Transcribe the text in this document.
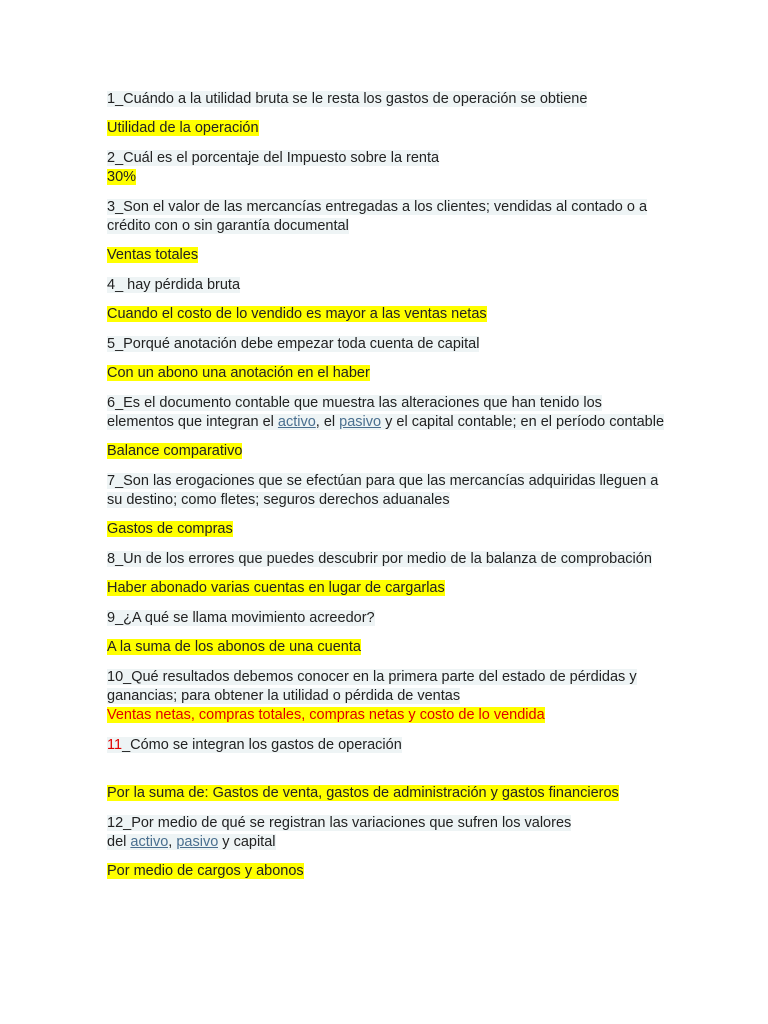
1_Cuándo a la utilidad bruta se le resta los gastos de operación se obtiene

Utilidad de la operación

2_Cuál es el porcentaje del Impuesto sobre la renta

30%

3_Son el valor de las mercancías entregadas a los clientes; vendidas al contado o a
crédito con o sin garantía documental

Ventas totales

4_ hay pérdida bruta

Cuando el costo de lo vendido es mayor a las ventas netas

5_Porqué anotación debe empezar toda cuenta de capital

Con un abono una anotación en el haber

6_Es el documento contable que muestra las alteraciones que han tenido los
elementos que integran el activo, el pasivo y el capital contable; en el período contable

Balance comparativo

7_Son las erogaciones que se efectúan para que las mercancías adquiridas lleguen a
su destino; como fletes; seguros derechos aduanales

Gastos de compras

8_Un de los errores que puedes descubrir por medio de la balanza de comprobación

Haber abonado varias cuentas en lugar de cargarlas

9_¿A qué se llama movimiento acreedor?

A la suma de los abonos de una cuenta

10_Qué resultados debemos conocer en la primera parte del estado de pérdidas y
ganancias; para obtener la utilidad o pérdida de ventas

Ventas netas, compras totales, compras netas y costo de lo vendida

11_Cómo se integran los gastos de operación

Por la suma de: Gastos de venta, gastos de administración y gastos financieros

12_Por medio de qué se registran las variaciones que sufren los valores
del activo, pasivo y capital

Por medio de cargos y abonos
